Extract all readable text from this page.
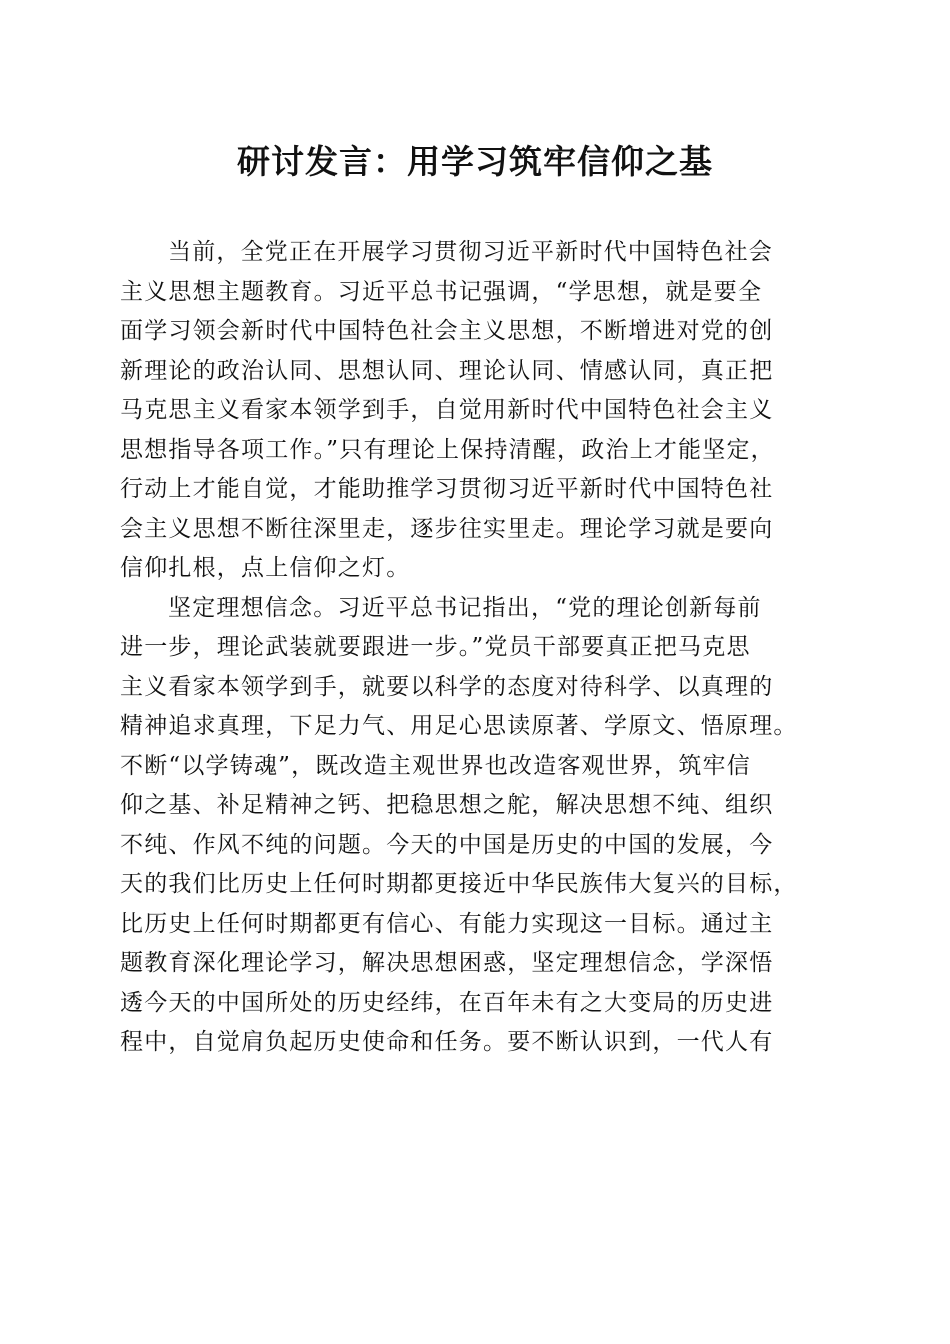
研讨发言：用学习筑牢信仰之基
当前，全党正在开展学习贯彻习近平新时代中国特色社会
主义思想主题教育。习近平总书记强调，“学思想，就是要全
面学习领会新时代中国特色社会主义思想，不断增进对党的创
新理论的政治认同、思想认同、理论认同、情感认同，真正把
马克思主义看家本领学到手，自觉用新时代中国特色社会主义
思想指导各项工作。”只有理论上保持清醒，政治上才能坚定，
行动上才能自觉，才能助推学习贯彻习近平新时代中国特色社
会主义思想不断往深里走，逐步往实里走。理论学习就是要向
信仰扎根，点上信仰之灯。
坚定理想信念。习近平总书记指出，“党的理论创新每前
进一步，理论武装就要跟进一步。”党员干部要真正把马克思
主义看家本领学到手，就要以科学的态度对待科学、以真理的
精神追求真理，下足力气、用足心思读原著、学原文、悟原理。
不断“以学铸魂”，既改造主观世界也改造客观世界，筑牢信
仰之基、补足精神之钙、把稳思想之舵，解决思想不纯、组织
不纯、作风不纯的问题。今天的中国是历史的中国的发展，今
天的我们比历史上任何时期都更接近中华民族伟大复兴的目标，
比历史上任何时期都更有信心、有能力实现这一目标。通过主
题教育深化理论学习，解决思想困惑，坚定理想信念，学深悟
透今天的中国所处的历史经纬，在百年未有之大变局的历史进
程中，自觉肩负起历史使命和任务。要不断认识到，一代人有
